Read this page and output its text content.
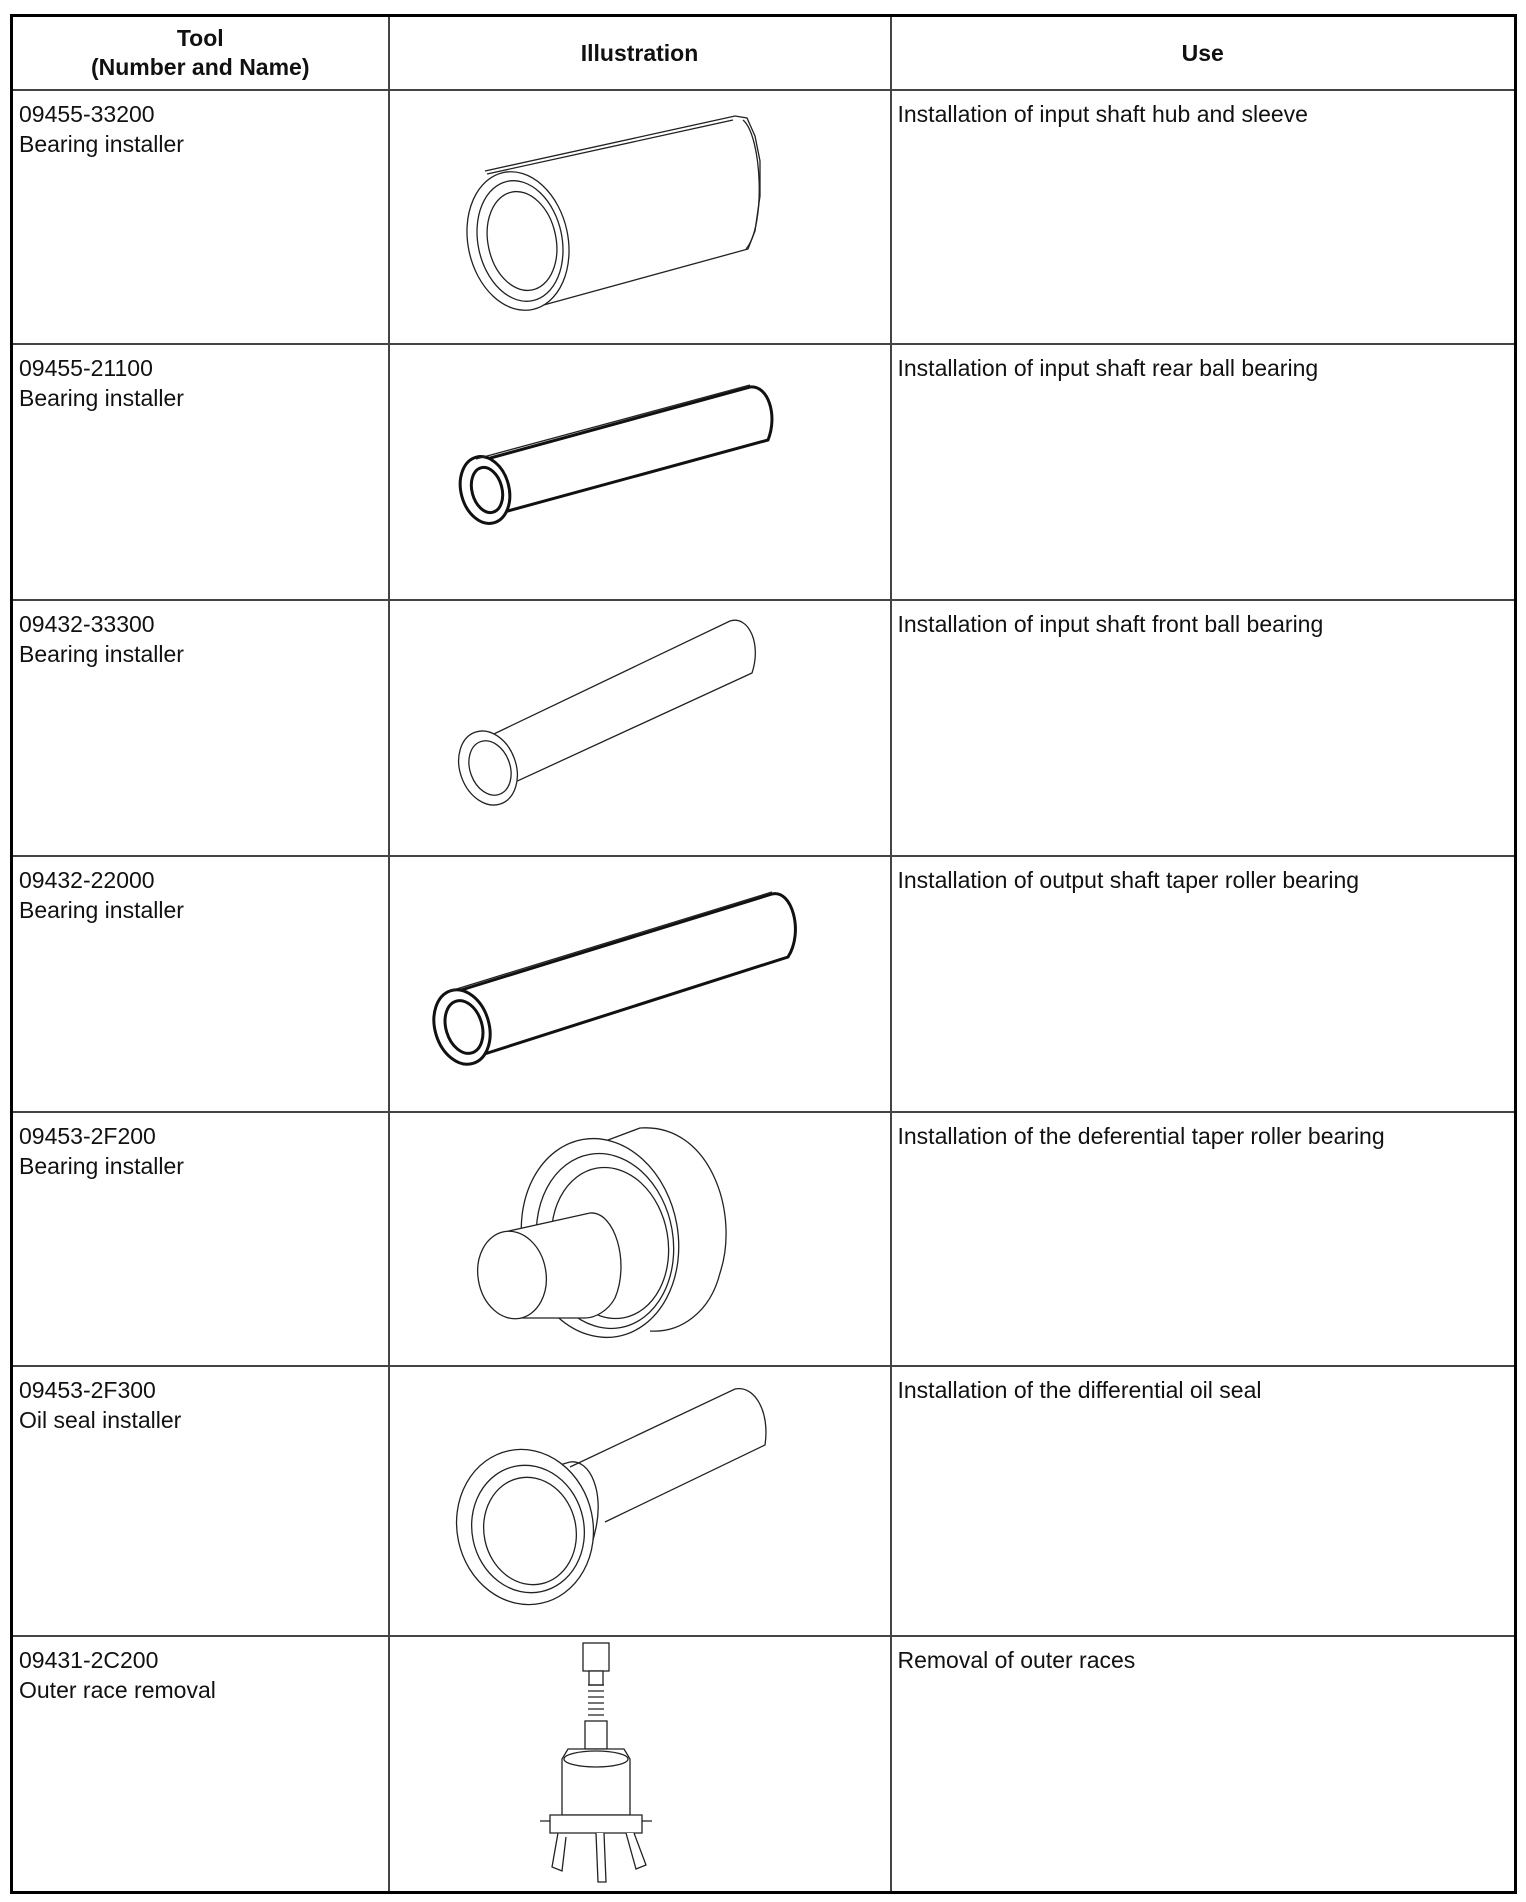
Tool
(Number and Name)	Illustration	Use

09455-33200
Bearing installer		Installation of input shaft hub and sleeve

09455-21100
Bearing installer		Installation of input shaft rear ball bearing

09432-33300
Bearing installer		Installation of input shaft front ball bearing

09432-22000
Bearing installer		Installation of output shaft taper roller bearing

09453-2F200
Bearing installer		Installation of the deferential taper roller bearing

09453-2F300
Oil seal installer		Installation of the differential oil seal

09431-2C200
Outer race removal		Removal of outer races
